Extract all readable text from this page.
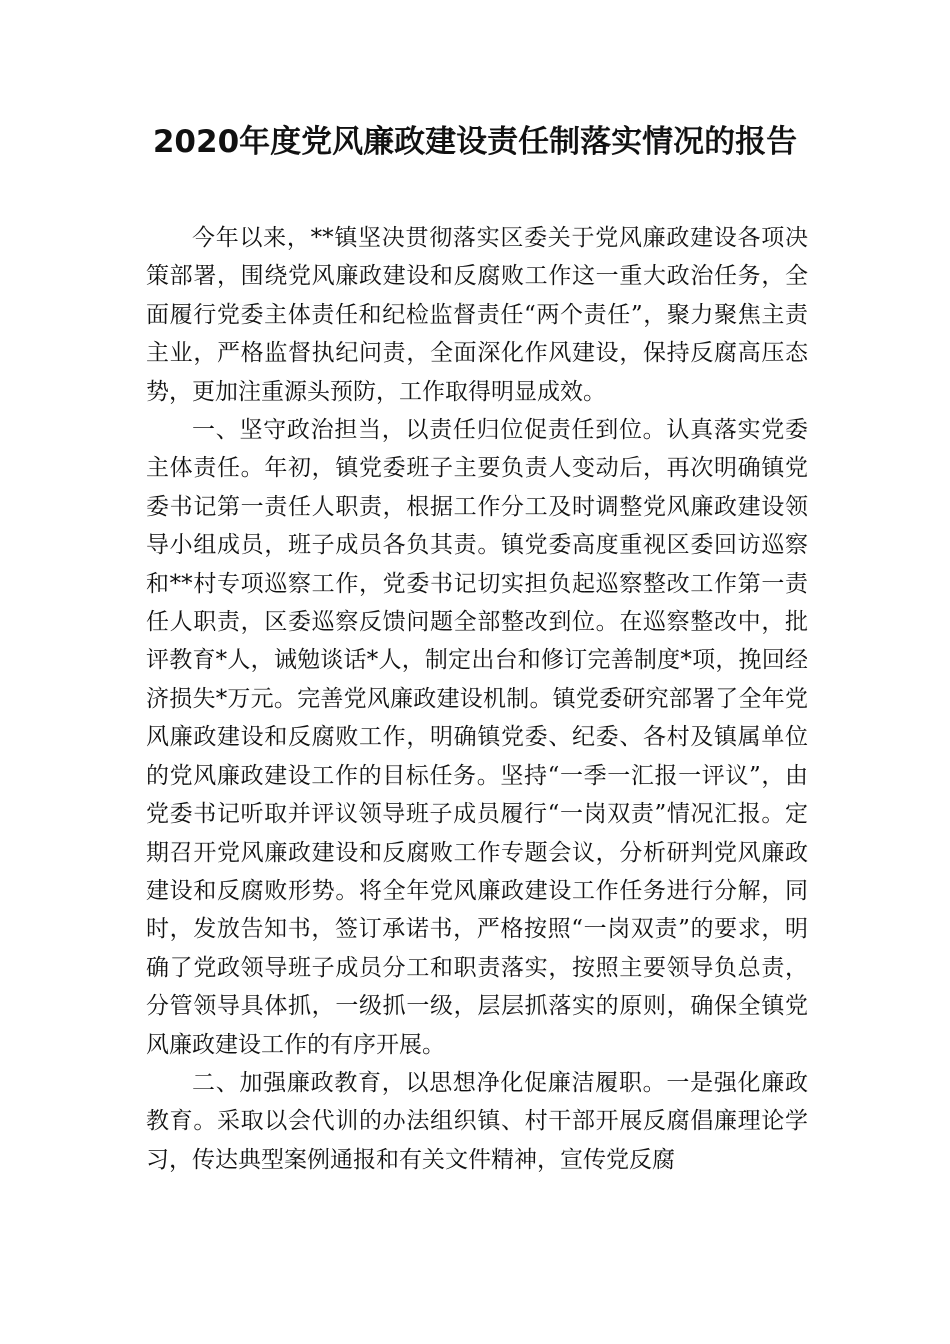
2020年度党风廉政建设责任制落实情况的报告

今年以来，**镇坚决贯彻落实区委关于党风廉政建设各项决策部署，围绕党风廉政建设和反腐败工作这一重大政治任务，全面履行党委主体责任和纪检监督责任“两个责任”，聚力聚焦主责主业，严格监督执纪问责，全面深化作风建设，保持反腐高压态势，更加注重源头预防，工作取得明显成效。

一、坚守政治担当，以责任归位促责任到位。认真落实党委主体责任。年初，镇党委班子主要负责人变动后，再次明确镇党委书记第一责任人职责，根据工作分工及时调整党风廉政建设领导小组成员，班子成员各负其责。镇党委高度重视区委回访巡察和**村专项巡察工作，党委书记切实担负起巡察整改工作第一责任人职责，区委巡察反馈问题全部整改到位。在巡察整改中，批评教育*人，诫勉谈话*人，制定出台和修订完善制度*项，挽回经济损失*万元。完善党风廉政建设机制。镇党委研究部署了全年党风廉政建设和反腐败工作，明确镇党委、纪委、各村及镇属单位的党风廉政建设工作的目标任务。坚持“一季一汇报一评议”，由党委书记听取并评议领导班子成员履行“一岗双责”情况汇报。定期召开党风廉政建设和反腐败工作专题会议，分析研判党风廉政建设和反腐败形势。将全年党风廉政建设工作任务进行分解，同时，发放告知书，签订承诺书，严格按照“一岗双责”的要求，明确了党政领导班子成员分工和职责落实，按照主要领导负总责，分管领导具体抓，一级抓一级，层层抓落实的原则，确保全镇党风廉政建设工作的有序开展。

二、加强廉政教育，以思想净化促廉洁履职。一是强化廉政教育。采取以会代训的办法组织镇、村干部开展反腐倡廉理论学习，传达典型案例通报和有关文件精神，宣传党反腐
